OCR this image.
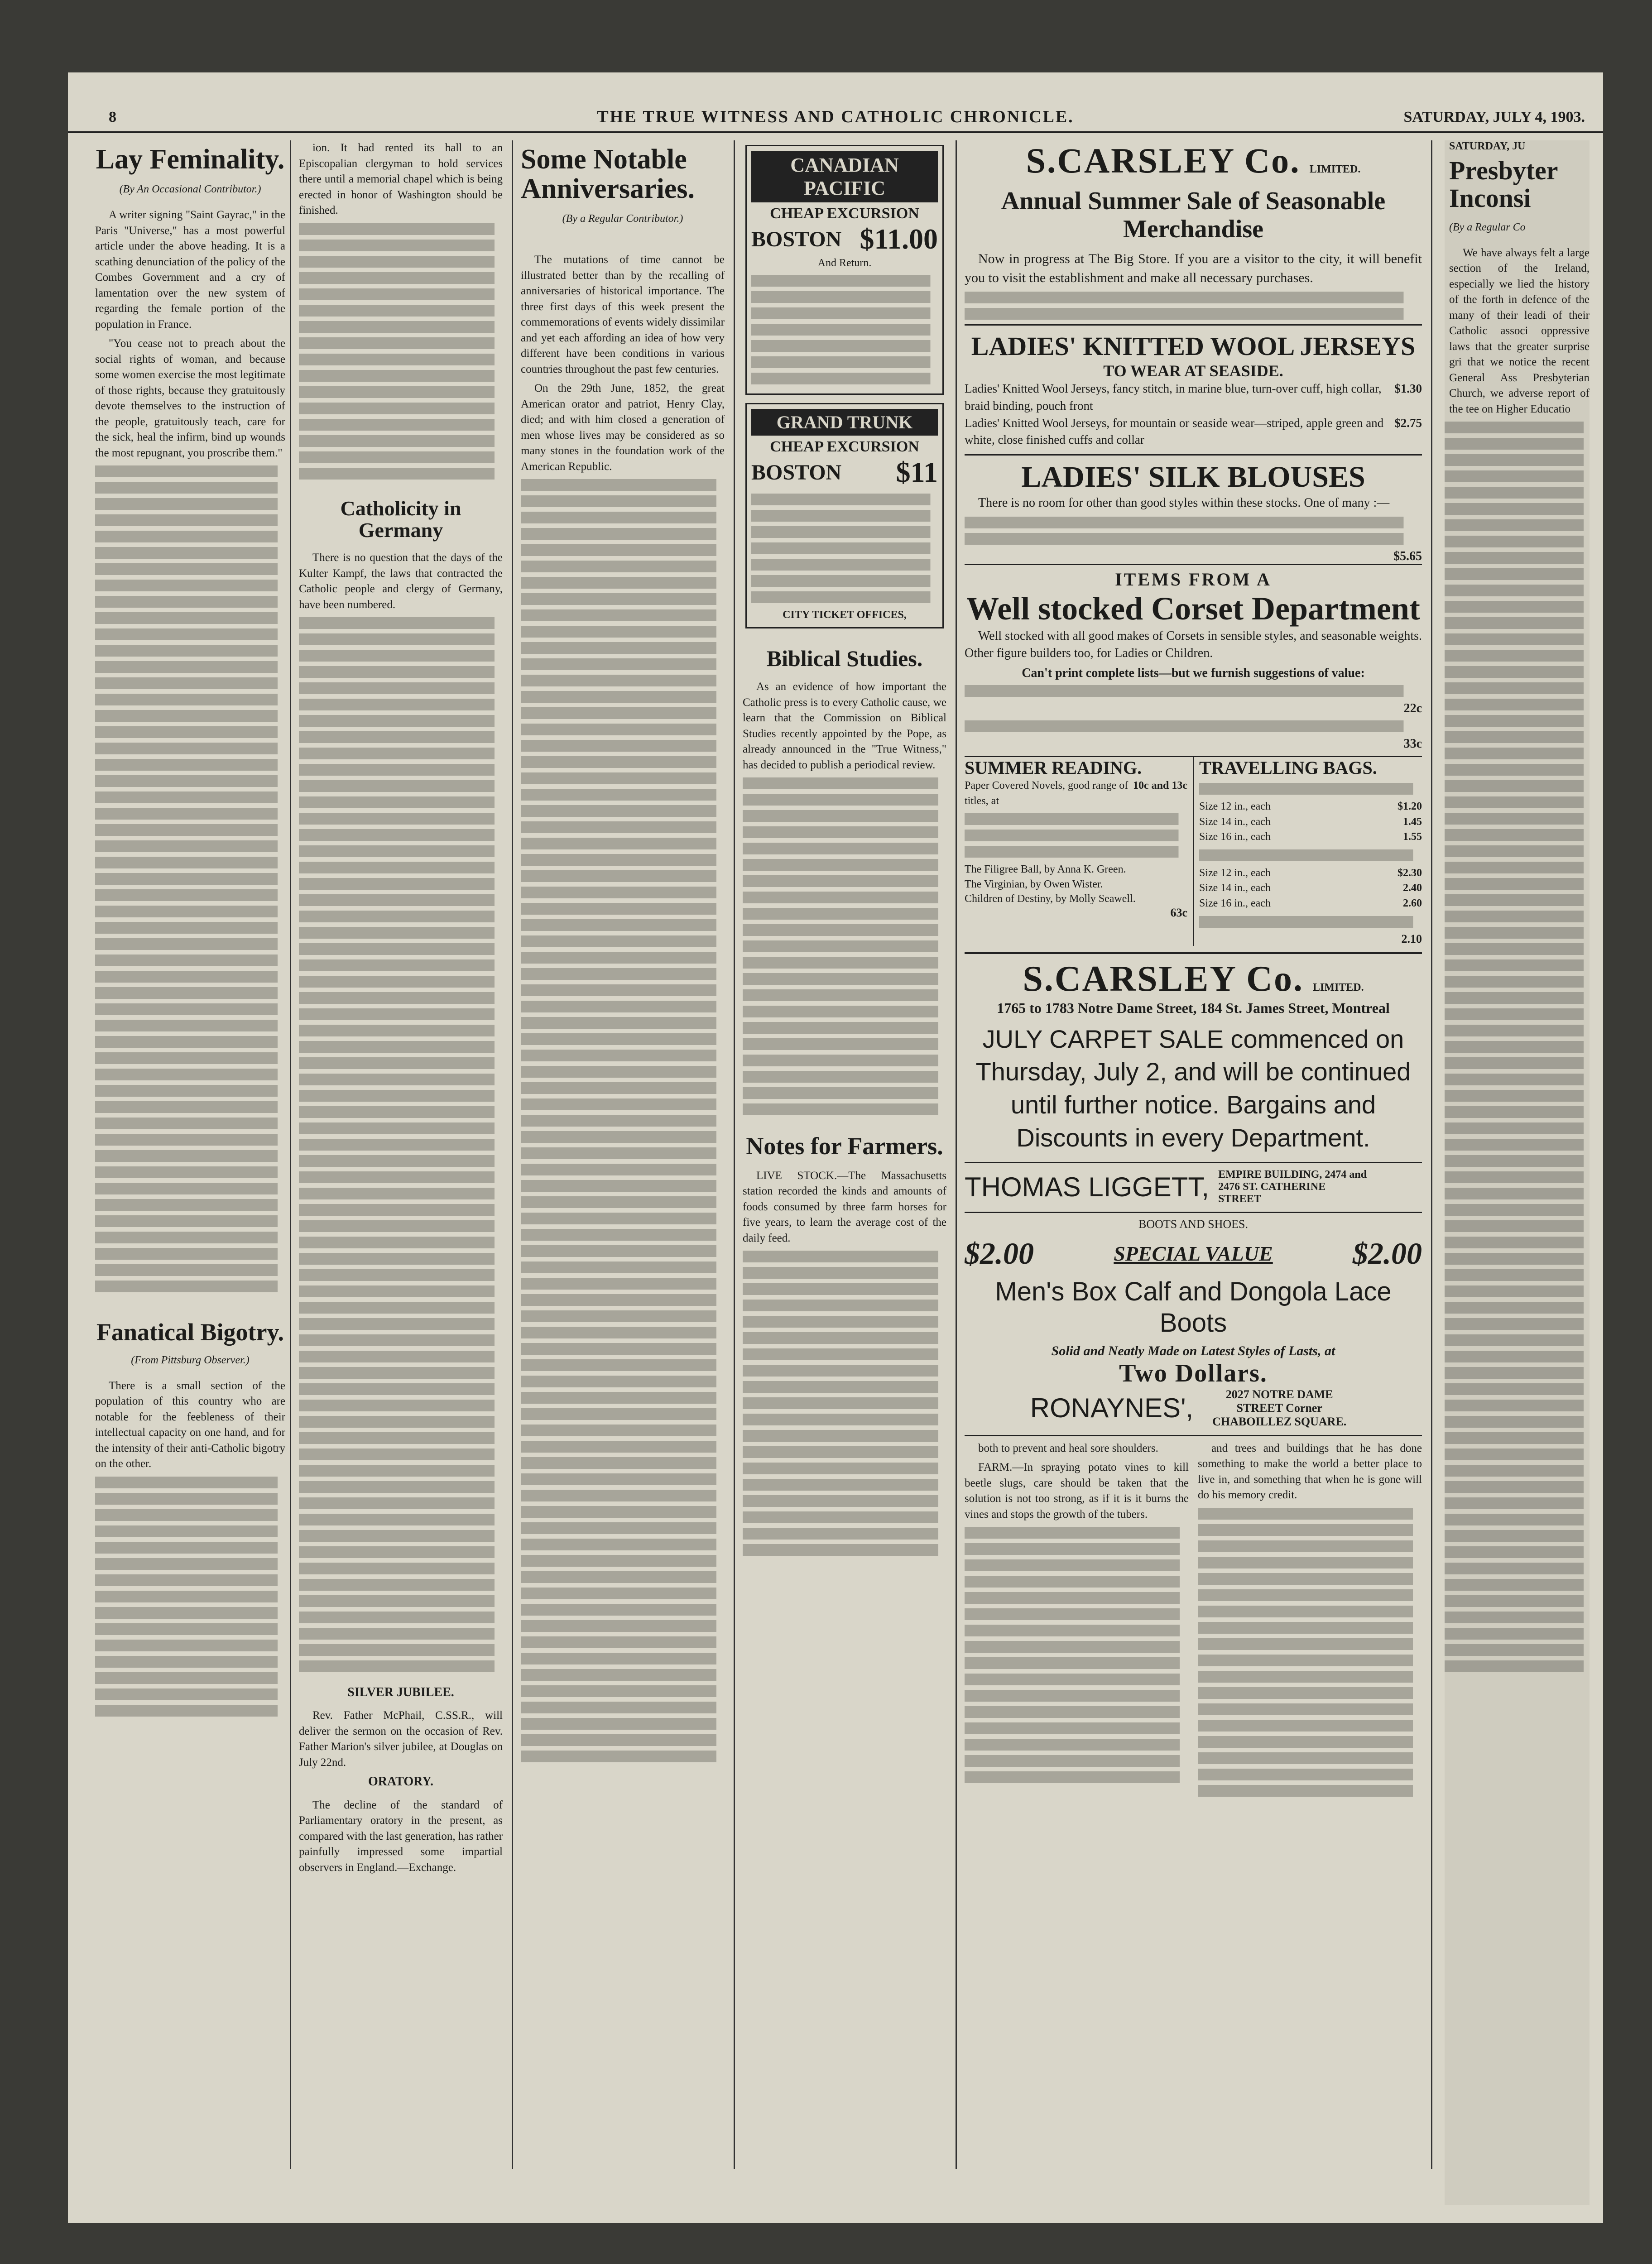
8	THE TRUE WITNESS AND CATHOLIC CHRONICLE.	SATURDAY, JULY 4, 1903.
Lay Feminality.
(By An Occasional Contributor.)

A writer signing "Saint Gayrac," in the Paris "Universe," has a most powerful article under the above heading. It is a scathing denunciation of the policy of the Combes Government and a cry of lamentation over the new system of regarding the female portion of the population in France.

"You cease not to preach about the social rights of woman, and because some women exercise the most legitimate of those rights, because they gratuitously devote themselves to the instruction of the people, gratuitously teach, care for the sick, heal the infirm, bind up wounds the most repugnant, you proscribe them."

Fanatical Bigotry.
(From Pittsburg Observer.)

There is a small section of the population of this country who are notable for the feebleness of their intellectual capacity on one hand, and for the intensity of their anti-Catholic bigotry on the other.

ion. It had rented its hall to an Episcopalian clergyman to hold services there until a memorial chapel which is being erected in honor of Washington should be finished.

Catholicity in Germany

There is no question that the days of the Kulter Kampf, the laws that contracted the Catholic people and clergy of Germany, have been numbered.

SILVER JUBILEE.

Rev. Father McPhail, C.SS.R., will deliver the sermon on the occasion of Rev. Father Marion's silver jubilee, at Douglas on July 22nd.

ORATORY.

The decline of the standard of Parliamentary oratory in the present, as compared with the last generation, has rather painfully impressed some impartial observers in England.—Exchange.

Some Notable Anniversaries.
(By a Regular Contributor.)

The mutations of time cannot be illustrated better than by the recalling of anniversaries of historical importance. The three first days of this week present the commemorations of events widely dissimilar and yet each affording an idea of how very different have been conditions in various countries throughout the past few centuries.

On the 29th June, 1852, the great American orator and patriot, Henry Clay, died; and with him closed a generation of men whose lives may be considered as so many stones in the foundation work of the American Republic.

CANADIAN PACIFIC
CHEAP EXCURSION
BOSTON $11.00
And Return.
GRAND TRUNK
CHEAP EXCURSION
BOSTON $11
CITY TICKET OFFICES,
Biblical Studies.

As an evidence of how important the Catholic press is to every Catholic cause, we learn that the Commission on Biblical Studies recently appointed by the Pope, as already announced in the "True Witness," has decided to publish a periodical review.

Notes for Farmers.

LIVE STOCK.—The Massachusetts station recorded the kinds and amounts of foods consumed by three farm horses for five years, to learn the average cost of the daily feed.

S.CARSLEY Co. LIMITED.
Annual Summer Sale of Seasonable Merchandise

Now in progress at The Big Store. If you are a visitor to the city, it will benefit you to visit the establishment and make all necessary purchases.

LADIES' KNITTED WOOL JERSEYS
TO WEAR AT SEASIDE.
Ladies' Knitted Wool Jerseys, fancy stitch, in marine blue, turn-over cuff, high collar, braid binding, pouch front
$1.30
Ladies' Knitted Wool Jerseys, for mountain or seaside wear—striped, apple green and white, close finished cuffs and collar
$2.75
LADIES' SILK BLOUSES

There is no room for other than good styles within these stocks. One of many :—

$5.65
ITEMS FROM A
Well stocked Corset Department

Well stocked with all good makes of Corsets in sensible styles, and seasonable weights. Other figure builders too, for Ladies or Children.

Can't print complete lists—but we furnish suggestions of value:
22c
33c
SUMMER READING.
Paper Covered Novels, good range of titles, at
10c and 13c
The Filigree Ball, by Anna K. Green.
The Virginian, by Owen Wister.
Children of Destiny, by Molly Seawell.
63c
TRAVELLING BAGS.
Size 12 in., each	$1.20
Size 14 in., each	1.45
Size 16 in., each	1.55
Size 12 in., each	$2.30
Size 14 in., each	2.40
Size 16 in., each	2.60
2.10
S.CARSLEY Co. LIMITED.
1765 to 1783 Notre Dame Street, 184 St. James Street, Montreal
JULY CARPET SALE commenced on Thursday, July 2, and will be continued until further notice. Bargains and Discounts in every Department.
THOMAS LIGGETT, EMPIRE BUILDING, 2474 and 2476 ST. CATHERINE STREET
BOOTS AND SHOES.
$2.00	SPECIAL VALUE	$2.00
Men's Box Calf and Dongola Lace Boots
Solid and Neatly Made on Latest Styles of Lasts, at
Two Dollars.
RONAYNES',	2027 NOTRE DAME STREET Corner CHABOILLEZ SQUARE.

both to prevent and heal sore shoulders.

FARM.—In spraying potato vines to kill beetle slugs, care should be taken that the solution is not too strong, as if it is it burns the vines and stops the growth of the tubers.

and trees and buildings that he has done something to make the world a better place to live in, and something that when he is gone will do his memory credit.

SATURDAY, JU
Presbyter Inconsi
(By a Regular Co

We have always felt a large section of the Ireland, especially we lied the history of the forth in defence of the many of their leadi of their Catholic associ oppressive laws that the greater surprise gri that we notice the recent General Ass Presbyterian Church, we adverse report of the tee on Higher Educatio
